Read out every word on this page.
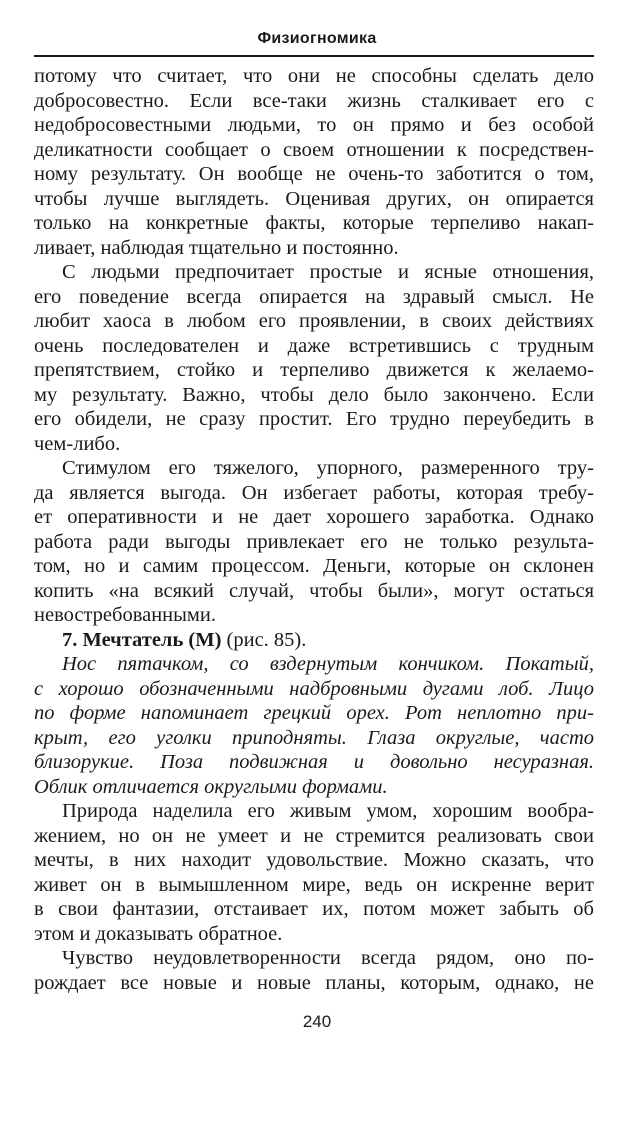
Физиогномика
потому что считает, что они не способны сделать дело
добросовестно. Если все-таки жизнь сталкивает его с
недобросовестными людьми, то он прямо и без особой
деликатности сообщает о своем отношении к посредствен-
ному результату. Он вообще не очень-то заботится о том,
чтобы лучше выглядеть. Оценивая других, он опирается
только на конкретные факты, которые терпеливо накап-
ливает, наблюдая тщательно и постоянно.
С людьми предпочитает простые и ясные отношения,
его поведение всегда опирается на здравый смысл. Не
любит хаоса в любом его проявлении, в своих действиях
очень последователен и даже встретившись с трудным
препятствием, стойко и терпеливо движется к желаемо-
му результату. Важно, чтобы дело было закончено. Если
его обидели, не сразу простит. Его трудно переубедить в
чем-либо.
Стимулом его тяжелого, упорного, размеренного тру-
да является выгода. Он избегает работы, которая требу-
ет оперативности и не дает хорошего заработка. Однако
работа ради выгоды привлекает его не только результа-
том, но и самим процессом. Деньги, которые он склонен
копить «на всякий случай, чтобы были», могут остаться
невостребованными.
7. Мечтатель (М) (рис. 85).
Нос пятачком, со вздернутым кончиком. Покатый,
с хорошо обозначенными надбровными дугами лоб. Лицо
по форме напоминает грецкий орех. Рот неплотно при-
крыт, его уголки приподняты. Глаза округлые, часто
близорукие. Поза подвижная и довольно несуразная.
Облик отличается округлыми формами.
Природа наделила его живым умом, хорошим вообра-
жением, но он не умеет и не стремится реализовать свои
мечты, в них находит удовольствие. Можно сказать, что
живет он в вымышленном мире, ведь он искренне верит
в свои фантазии, отстаивает их, потом может забыть об
этом и доказывать обратное.
Чувство неудовлетворенности всегда рядом, оно по-
рождает все новые и новые планы, которым, однако, не
240
